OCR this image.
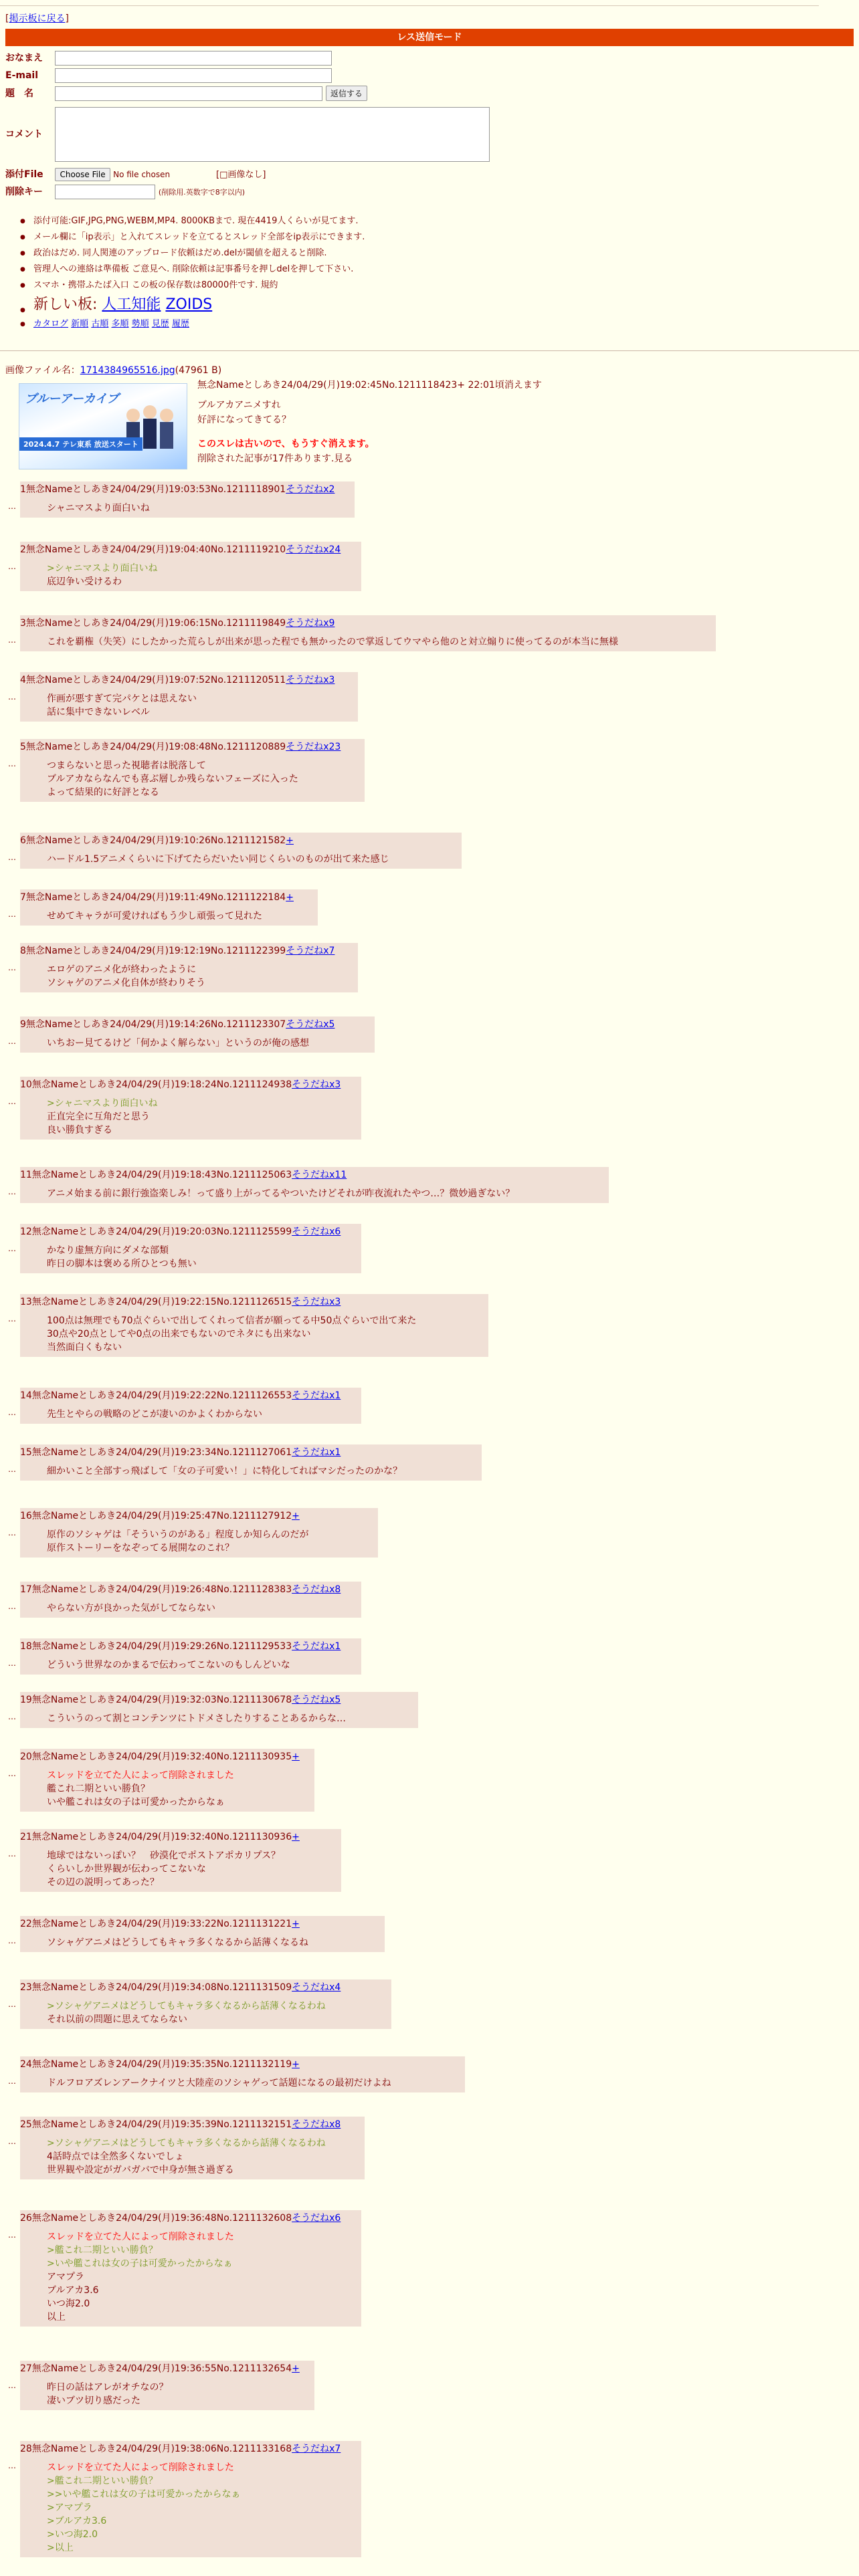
[掲示板に戻る]
レス送信モード
おなまえ
E-mail
題　名	返信する
コメント
添付File Choose File No file chosen	[□画像なし]
削除キー	(削除用.英数字で8字以内)
● 添付可能:GIF,JPG,PNG,WEBM,MP4. 8000KBまで. 現在4419人くらいが見てます.
● メール欄に「ip表示」と入れてスレッドを立てるとスレッド全部をip表示にできます.
● 政治はだめ. 同人関連のアップロード依頼はだめ.delが閾値を超えると削除.
● 管理人への連絡は準備板 ご意見へ. 削除依頼は記事番号を押しdelを押して下さい.
● スマホ・携帯ふたば入口 この板の保存数は80000件です. 規約
● 新しい板: 人工知能 ZOIDS
● カタログ 新順 古順 多順 勢順 見歴 履歴
画像ファイル名：1714384965516.jpg(47961 B)
ブルーアーカイブ
2024.4.7 テレ東系 放送スタート
無念Nameとしあき24/04/29(月)19:02:45No.1211118423+ 22:01頃消えます
ブルアカアニメすれ
好評になってきてる？
このスレは古いので、もうすぐ消えます。
削除された記事が17件あります.見る
1無念Nameとしあき24/04/29(月)19:03:53No.1211118901そうだねx2
シャニマスより面白いね
…
2無念Nameとしあき24/04/29(月)19:04:40No.1211119210そうだねx24
>シャニマスより面白いね
底辺争い受けるわ
…
3無念Nameとしあき24/04/29(月)19:06:15No.1211119849そうだねx9
これを覇権（失笑）にしたかった荒らしが出来が思った程でも無かったので掌返してウマやら他のと対立煽りに使ってるのが本当に無様
…
4無念Nameとしあき24/04/29(月)19:07:52No.1211120511そうだねx3
作画が悪すぎて完パケとは思えない
話に集中できないレベル
…
5無念Nameとしあき24/04/29(月)19:08:48No.1211120889そうだねx23
つまらないと思った視聴者は脱落して
ブルアカならなんでも喜ぶ層しか残らないフェーズに入った
よって結果的に好評となる
…
6無念Nameとしあき24/04/29(月)19:10:26No.1211121582+
ハードル1.5アニメくらいに下げてたらだいたい同じくらいのものが出て来た感じ
…
7無念Nameとしあき24/04/29(月)19:11:49No.1211122184+
せめてキャラが可愛ければもう少し頑張って見れた
…
8無念Nameとしあき24/04/29(月)19:12:19No.1211122399そうだねx7
エロゲのアニメ化が終わったように
ソシャゲのアニメ化自体が終わりそう
…
9無念Nameとしあき24/04/29(月)19:14:26No.1211123307そうだねx5
いちおー見てるけど「何かよく解らない」というのが俺の感想
…
10無念Nameとしあき24/04/29(月)19:18:24No.1211124938そうだねx3
>シャニマスより面白いね
正直完全に互角だと思う
良い勝負すぎる
…
11無念Nameとしあき24/04/29(月)19:18:43No.1211125063そうだねx11
アニメ始まる前に銀行強盗楽しみ！って盛り上がってるやついたけどそれが昨夜流れたやつ…？微妙過ぎない？
…
12無念Nameとしあき24/04/29(月)19:20:03No.1211125599そうだねx6
かなり虚無方向にダメな部類
昨日の脚本は褒める所ひとつも無い
…
13無念Nameとしあき24/04/29(月)19:22:15No.1211126515そうだねx3
100点は無理でも70点ぐらいで出してくれって信者が願ってる中50点ぐらいで出て来た
30点や20点としてや0点の出来でもないのでネタにも出来ない
当然面白くもない
…
14無念Nameとしあき24/04/29(月)19:22:22No.1211126553そうだねx1
先生とやらの戦略のどこが凄いのかよくわからない
…
15無念Nameとしあき24/04/29(月)19:23:34No.1211127061そうだねx1
細かいこと全部すっ飛ばして「女の子可愛い！」に特化してればマシだったのかな？
…
16無念Nameとしあき24/04/29(月)19:25:47No.1211127912+
原作のソシャゲは「そういうのがある」程度しか知らんのだが
原作ストーリーをなぞってる展開なのこれ？
…
17無念Nameとしあき24/04/29(月)19:26:48No.1211128383そうだねx8
やらない方が良かった気がしてならない
…
18無念Nameとしあき24/04/29(月)19:29:26No.1211129533そうだねx1
どういう世界なのかまるで伝わってこないのもしんどいな
…
19無念Nameとしあき24/04/29(月)19:32:03No.1211130678そうだねx5
こういうのって割とコンテンツにトドメさしたりすることあるからな…
…
20無念Nameとしあき24/04/29(月)19:32:40No.1211130935+
スレッドを立てた人によって削除されました
艦これ二期といい勝負？
いや艦これは女の子は可愛かったからなぁ
…
21無念Nameとしあき24/04/29(月)19:32:40No.1211130936+
地球ではないっぽい？　砂漠化でポストアポカリプス？
くらいしか世界観が伝わってこないな
その辺の説明ってあった？
…
22無念Nameとしあき24/04/29(月)19:33:22No.1211131221+
ソシャゲアニメはどうしてもキャラ多くなるから話薄くなるね
…
23無念Nameとしあき24/04/29(月)19:34:08No.1211131509そうだねx4
>ソシャゲアニメはどうしてもキャラ多くなるから話薄くなるわね
それ以前の問題に思えてならない
…
24無念Nameとしあき24/04/29(月)19:35:35No.1211132119+
ドルフロアズレンアークナイツと大陸産のソシャゲって話題になるの最初だけよね
…
25無念Nameとしあき24/04/29(月)19:35:39No.1211132151そうだねx8
>ソシャゲアニメはどうしてもキャラ多くなるから話薄くなるわね
4話時点では全然多くないでしょ
世界観や設定がガバガバで中身が無さ過ぎる
…
26無念Nameとしあき24/04/29(月)19:36:48No.1211132608そうだねx6
スレッドを立てた人によって削除されました
>艦これ二期といい勝負？
>いや艦これは女の子は可愛かったからなぁ
アマプラ
ブルアカ3.6
いつ海2.0
以上
…
27無念Nameとしあき24/04/29(月)19:36:55No.1211132654+
昨日の話はアレがオチなの？
凄いブツ切り感だった
…
28無念Nameとしあき24/04/29(月)19:38:06No.1211133168そうだねx7
スレッドを立てた人によって削除されました
>艦これ二期といい勝負？
>>いや艦これは女の子は可愛かったからなぁ
>アマプラ
>ブルアカ3.6
>いつ海2.0
>以上
…
